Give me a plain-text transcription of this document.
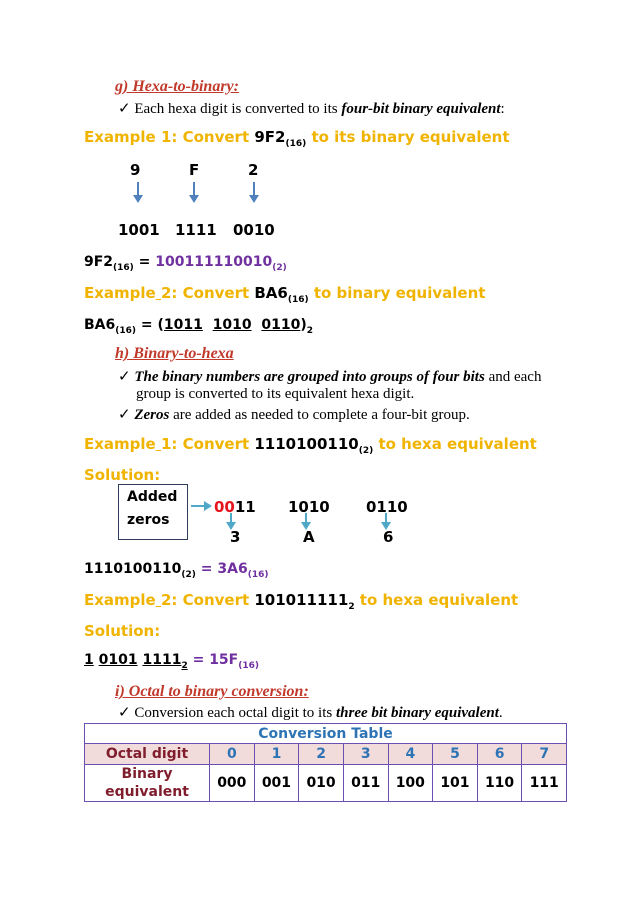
g) Hexa-to-binary:
✓ Each hexa digit is converted to its four-bit binary equivalent:
Example 1: Convert $9F2_{(16)}$ to its binary equivalent
9	F	2
1001 1111 0010
$9F2_{(16)} = 100111110010_{(2)}$
Example 2: Convert $BA6_{(16)}$ to binary equivalent
$BA6_{(16)} = (1011$ 1010 $0110)_2$
h) Binary-to-hexa
✓ The binary numbers are grouped into groups of four bits and each
group is converted to its equivalent hexa digit.
✓ Zeros are added as needed to complete a four-bit group.
Example 1: Convert $1110100110_{(2)}$ to hexa equivalent
Solution:
Added
zeros
0011 1010 0110
3	A	6
$1110100110_{(2)} = 3A6_{(16)}$
Example 2: Convert $101011111_2$ to hexa equivalent
Solution:
1 0101 $1111_2 = 15F_{(16)}$
i) Octal to binary conversion:
✓ Conversion each octal digit to its three bit binary equivalent.
Conversion Table								
Octal digit	0	1	2	3	4	5	6	7
Binary
equivalent	000	001	010	011	100	101	110	111
